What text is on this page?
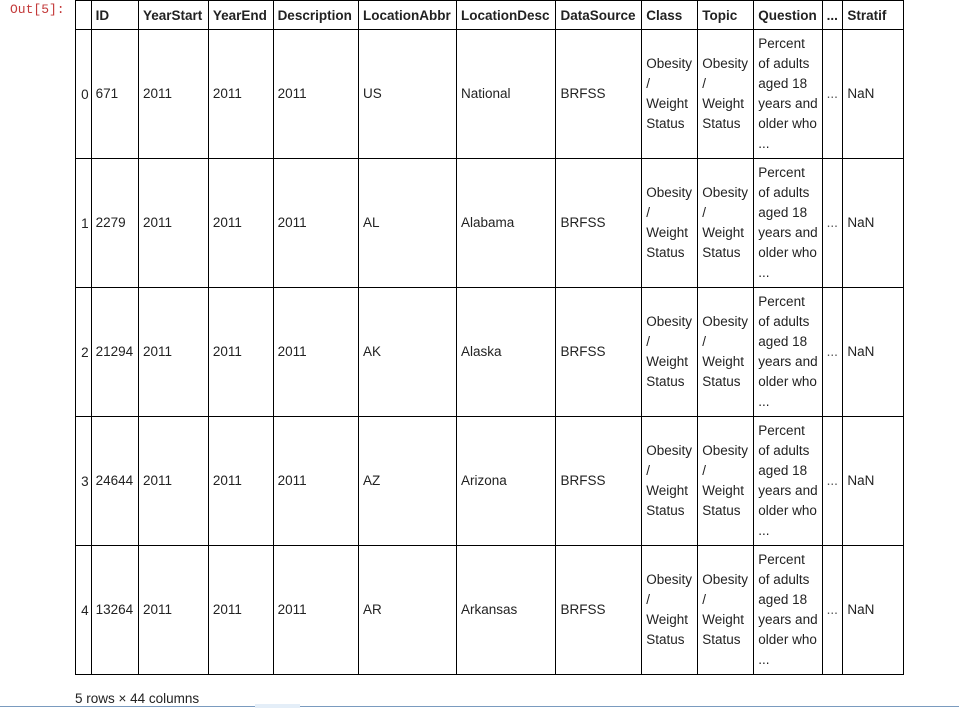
Out[5]:
	ID	YearStart	YearEnd	Description	LocationAbbr	LocationDesc	DataSource	Class	Topic	Question	...	Stratif
0	671	2011	2011	2011	US	National	BRFSS	Obesity / Weight Status	Obesity / Weight Status	Percent of adults aged 18 years and older who ...	...	NaN
1	2279	2011	2011	2011	AL	Alabama	BRFSS	Obesity / Weight Status	Obesity / Weight Status	Percent of adults aged 18 years and older who ...	...	NaN
2	21294	2011	2011	2011	AK	Alaska	BRFSS	Obesity / Weight Status	Obesity / Weight Status	Percent of adults aged 18 years and older who ...	...	NaN
3	24644	2011	2011	2011	AZ	Arizona	BRFSS	Obesity / Weight Status	Obesity / Weight Status	Percent of adults aged 18 years and older who ...	...	NaN
4	13264	2011	2011	2011	AR	Arkansas	BRFSS	Obesity / Weight Status	Obesity / Weight Status	Percent of adults aged 18 years and older who ...	...	NaN
5 rows × 44 columns
